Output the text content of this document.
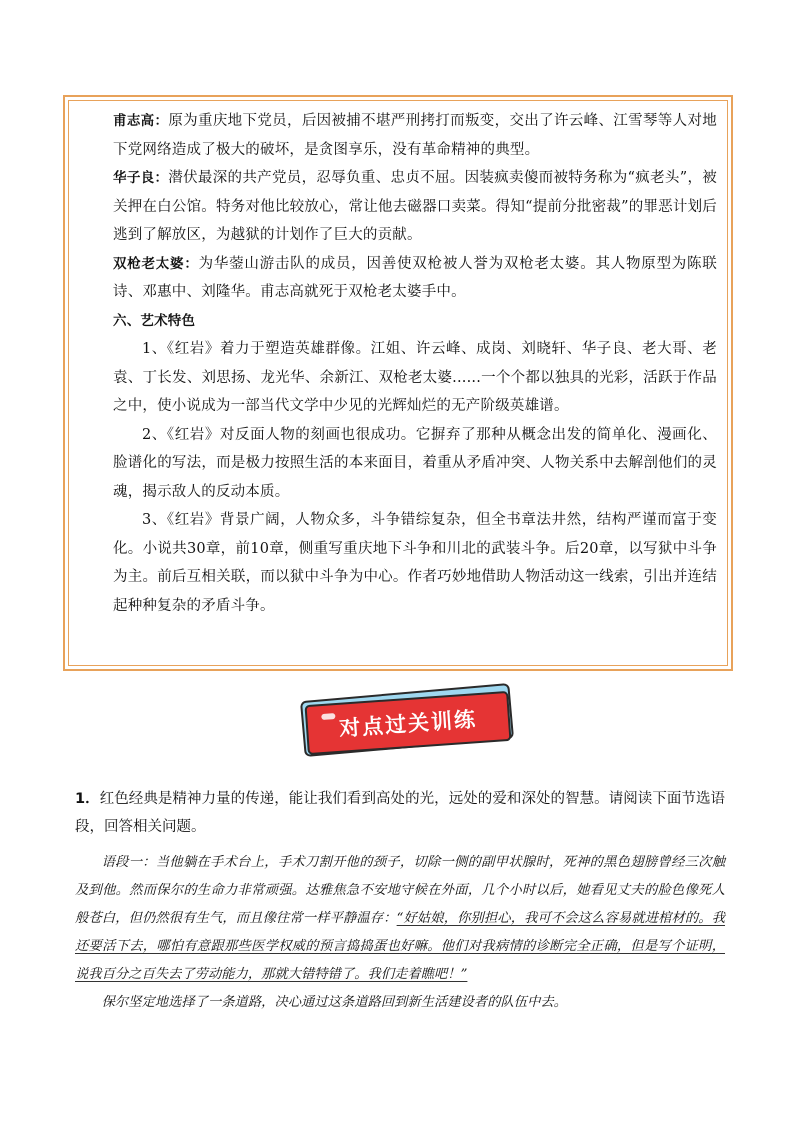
甫志高：原为重庆地下党员，后因被捕不堪严刑拷打而叛变，交出了许云峰、江雪琴等人对地下党网络造成了极大的破坏，是贪图享乐，没有革命精神的典型。

华子良：潜伏最深的共产党员，忍辱负重、忠贞不屈。因装疯卖傻而被特务称为“疯老头”，被关押在白公馆。特务对他比较放心，常让他去磁器口卖菜。得知“提前分批密裁”的罪恶计划后逃到了解放区，为越狱的计划作了巨大的贡献。

双枪老太婆：为华蓥山游击队的成员，因善使双枪被人誉为双枪老太婆。其人物原型为陈联诗、邓惠中、刘隆华。甫志高就死于双枪老太婆手中。

六、艺术特色

1、《红岩》着力于塑造英雄群像。江姐、许云峰、成岗、刘晓轩、华子良、老大哥、老袁、丁长发、刘思扬、龙光华、余新江、双枪老太婆......一个个都以独具的光彩，活跃于作品之中，使小说成为一部当代文学中少见的光辉灿烂的无产阶级英雄谱。

2、《红岩》对反面人物的刻画也很成功。它摒弃了那种从概念出发的简单化、漫画化、脸谱化的写法，而是极力按照生活的本来面目，着重从矛盾冲突、人物关系中去解剖他们的灵魂，揭示敌人的反动本质。

3、《红岩》背景广阔，人物众多，斗争错综复杂，但全书章法井然，结构严谨而富于变化。小说共30章，前10章，侧重写重庆地下斗争和川北的武装斗争。后20章，以写狱中斗争为主。前后互相关联，而以狱中斗争为中心。作者巧妙地借助人物活动这一线索，引出并连结起种种复杂的矛盾斗争。

对点过关训练

1．红色经典是精神力量的传递，能让我们看到高处的光，远处的爱和深处的智慧。请阅读下面节选语段，回答相关问题。

语段一：当他躺在手术台上，手术刀割开他的颈子，切除一侧的副甲状腺时，死神的黑色翅膀曾经三次触及到他。然而保尔的生命力非常顽强。达雅焦急不安地守候在外面，几个小时以后，她看见丈夫的脸色像死人般苍白，但仍然很有生气，而且像往常一样平静温存：“好姑娘，你别担心，我可不会这么容易就进棺材的。我还要活下去，哪怕有意跟那些医学权威的预言捣捣蛋也好嘛。他们对我病情的诊断完全正确，但是写个证明，说我百分之百失去了劳动能力，那就大错特错了。我们走着瞧吧！”

保尔坚定地选择了一条道路，决心通过这条道路回到新生活建设者的队伍中去。
